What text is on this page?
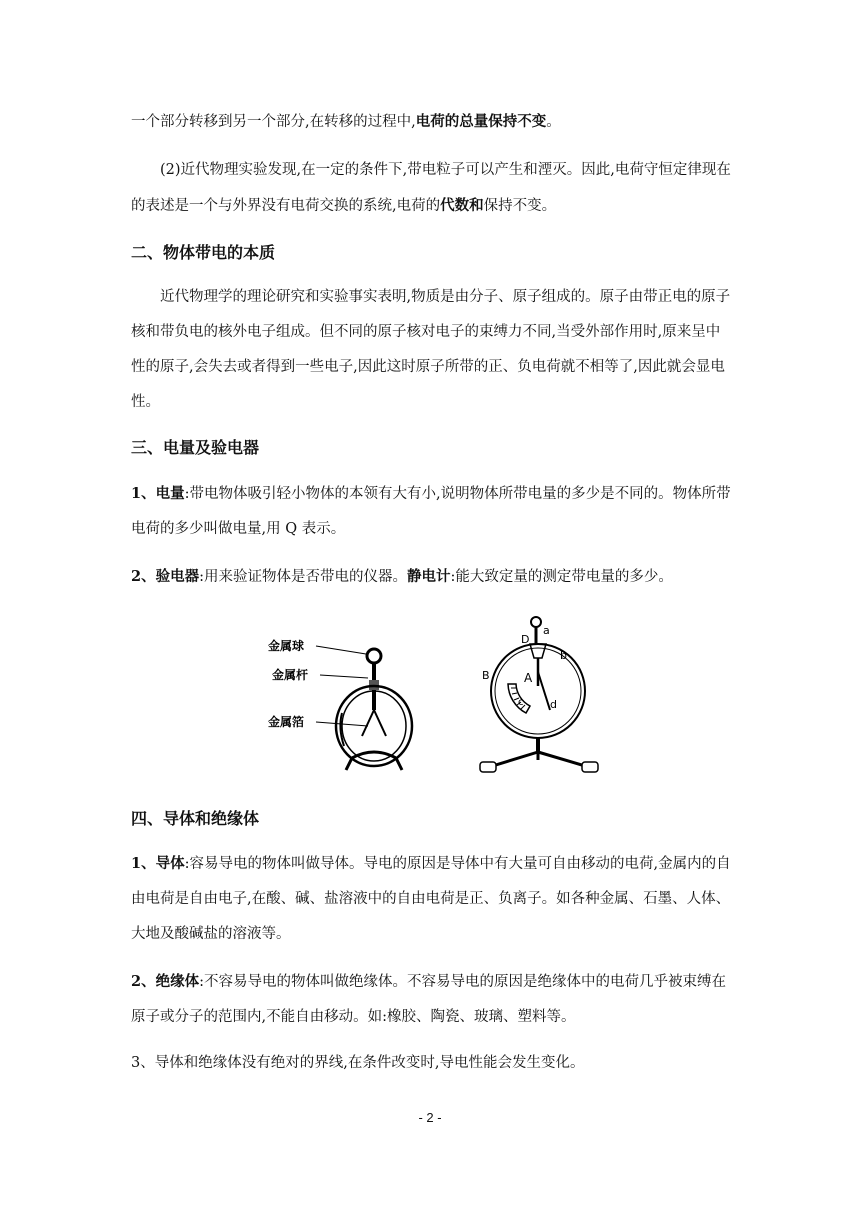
一个部分转移到另一个部分,在转移的过程中,电荷的总量保持不变。

(2)近代物理实验发现,在一定的条件下,带电粒子可以产生和湮灭。因此,电荷守恒定律现在的表述是一个与外界没有电荷交换的系统,电荷的代数和保持不变。

二、物体带电的本质

近代物理学的理论研究和实验事实表明,物质是由分子、原子组成的。原子由带正电的原子核和带负电的核外电子组成。但不同的原子核对电子的束缚力不同,当受外部作用时,原来呈中性的原子,会失去或者得到一些电子,因此这时原子所带的正、负电荷就不相等了,因此就会显电性。

三、电量及验电器

1、电量:带电物体吸引轻小物体的本领有大有小,说明物体所带电量的多少是不同的。物体所带电荷的多少叫做电量,用 Q 表示。

2、验电器:用来验证物体是否带电的仪器。静电计:能大致定量的测定带电量的多少。

金属球
金属杆
金属箔
D
a
b
B	A
c d
四、导体和绝缘体

1、导体:容易导电的物体叫做导体。导电的原因是导体中有大量可自由移动的电荷,金属内的自由电荷是自由电子,在酸、碱、盐溶液中的自由电荷是正、负离子。如各种金属、石墨、人体、大地及酸碱盐的溶液等。

2、绝缘体:不容易导电的物体叫做绝缘体。不容易导电的原因是绝缘体中的电荷几乎被束缚在原子或分子的范围内,不能自由移动。如:橡胶、陶瓷、玻璃、塑料等。

3、导体和绝缘体没有绝对的界线,在条件改变时,导电性能会发生变化。

- 2 -
